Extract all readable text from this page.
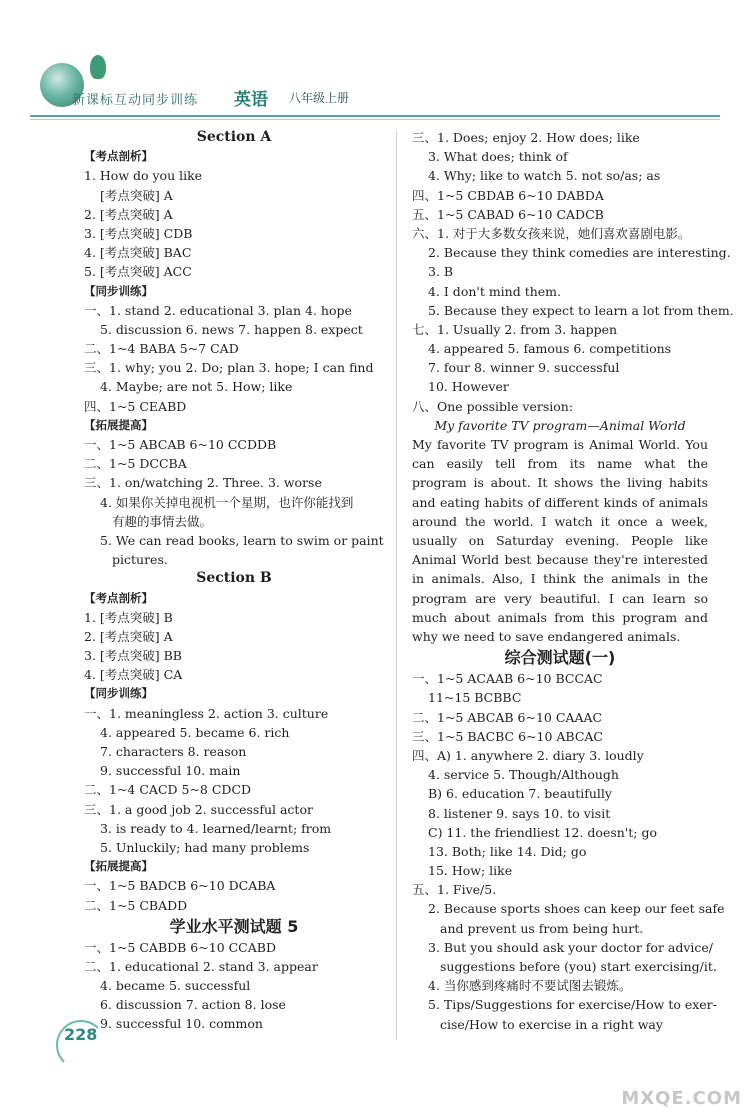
新课标互动同步训练 英语 八年级上册
Section A
【考点剖析】
1. How do you like
[考点突破] A
2. [考点突破] A
3. [考点突破] CDB
4. [考点突破] BAC
5. [考点突破] ACC
【同步训练】
一、1. stand 2. educational 3. plan 4. hope
5. discussion 6. news 7. happen 8. expect
二、1~4 BABA 5~7 CAD
三、1. why; you 2. Do; plan 3. hope; I can find
4. Maybe; are not 5. How; like
四、1~5 CEABD
【拓展提高】
一、1~5 ABCAB 6~10 CCDDB
二、1~5 DCCBA
三、1. on/watching 2. Three. 3. worse
4. 如果你关掉电视机一个星期，也许你能找到
有趣的事情去做。
5. We can read books, learn to swim or paint
pictures.
Section B
【考点剖析】
1. [考点突破] B
2. [考点突破] A
3. [考点突破] BB
4. [考点突破] CA
【同步训练】
一、1. meaningless 2. action 3. culture
4. appeared 5. became 6. rich
7. characters 8. reason
9. successful 10. main
二、1~4 CACD 5~8 CDCD
三、1. a good job 2. successful actor
3. is ready to 4. learned/learnt; from
5. Unluckily; had many problems
【拓展提高】
一、1~5 BADCB 6~10 DCABA
二、1~5 CBADD
学业水平测试题 5
一、1~5 CABDB 6~10 CCABD
二、1. educational 2. stand 3. appear
4. became 5. successful
6. discussion 7. action 8. lose
9. successful 10. common
三、1. Does; enjoy 2. How does; like
3. What does; think of
4. Why; like to watch 5. not so/as; as
四、1~5 CBDAB 6~10 DABDA
五、1~5 CABAD 6~10 CADCB
六、1. 对于大多数女孩来说，她们喜欢喜剧电影。
2. Because they think comedies are interesting.
3. B
4. I don't mind them.
5. Because they expect to learn a lot from them.
七、1. Usually 2. from 3. happen
4. appeared 5. famous 6. competitions
7. four 8. winner 9. successful
10. However
八、One possible version:
My favorite TV program—Animal World
My favorite TV program is Animal World. You can easily tell from its name what the program is about. It shows the living habits and eating habits of different kinds of animals around the world. I watch it once a week, usually on Saturday evening. People like Animal World best because they're interested in animals. Also, I think the animals in the program are very beautiful. I can learn so much about animals from this program and why we need to save endangered animals.
综合测试题(一)
一、1~5 ACAAB 6~10 BCCAC
11~15 BCBBC
二、1~5 ABCAB 6~10 CAAAC
三、1~5 BACBC 6~10 ABCAC
四、A) 1. anywhere 2. diary 3. loudly
4. service 5. Though/Although
B) 6. education 7. beautifully
8. listener 9. says 10. to visit
C) 11. the friendliest 12. doesn't; go
13. Both; like 14. Did; go
15. How; like
五、1. Five/5.
2. Because sports shoes can keep our feet safe
and prevent us from being hurt.
3. But you should ask your doctor for advice/
suggestions before (you) start exercising/it.
4. 当你感到疼痛时不要试图去锻炼。
5. Tips/Suggestions for exercise/How to exer-
cise/How to exercise in a right way
228
MXQE.COM
